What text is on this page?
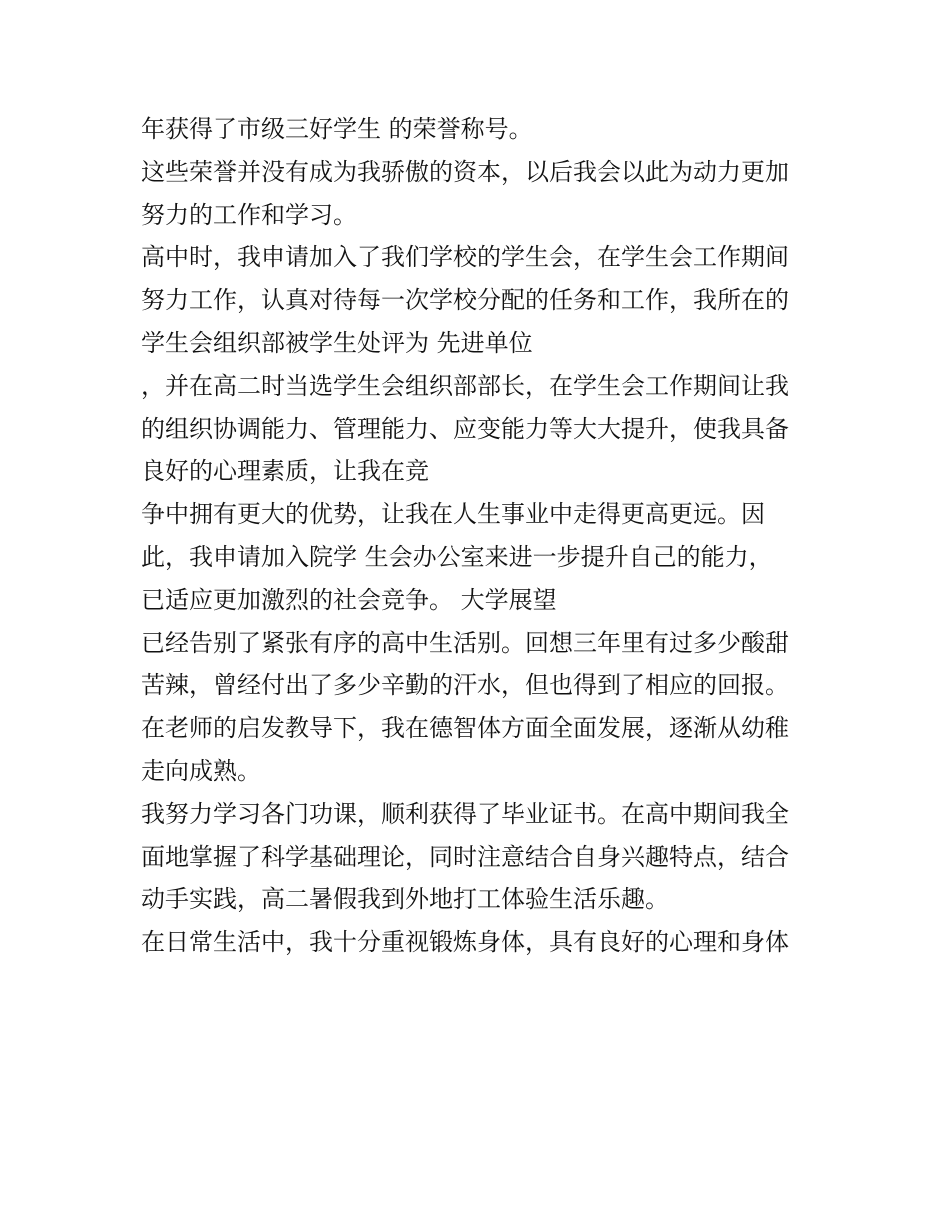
年获得了市级三好学生 的荣誉称号。
这些荣誉并没有成为我骄傲的资本，以后我会以此为动力更加
努力的工作和学习。
高中时，我申请加入了我们学校的学生会，在学生会工作期间
努力工作，认真对待每一次学校分配的任务和工作，我所在的
学生会组织部被学生处评为 先进单位
，并在高二时当选学生会组织部部长，在学生会工作期间让我
的组织协调能力、管理能力、应变能力等大大提升，使我具备
良好的心理素质，让我在竞
争中拥有更大的优势，让我在人生事业中走得更高更远。因
此，我申请加入院学 生会办公室来进一步提升自己的能力，
已适应更加激烈的社会竞争。 大学展望
已经告别了紧张有序的高中生活别。回想三年里有过多少酸甜
苦辣，曾经付出了多少辛勤的汗水，但也得到了相应的回报。
在老师的启发教导下，我在德智体方面全面发展，逐渐从幼稚
走向成熟。
我努力学习各门功课，顺利获得了毕业证书。在高中期间我全
面地掌握了科学基础理论，同时注意结合自身兴趣特点，结合
动手实践，高二暑假我到外地打工体验生活乐趣。
在日常生活中，我十分重视锻炼身体，具有良好的心理和身体
